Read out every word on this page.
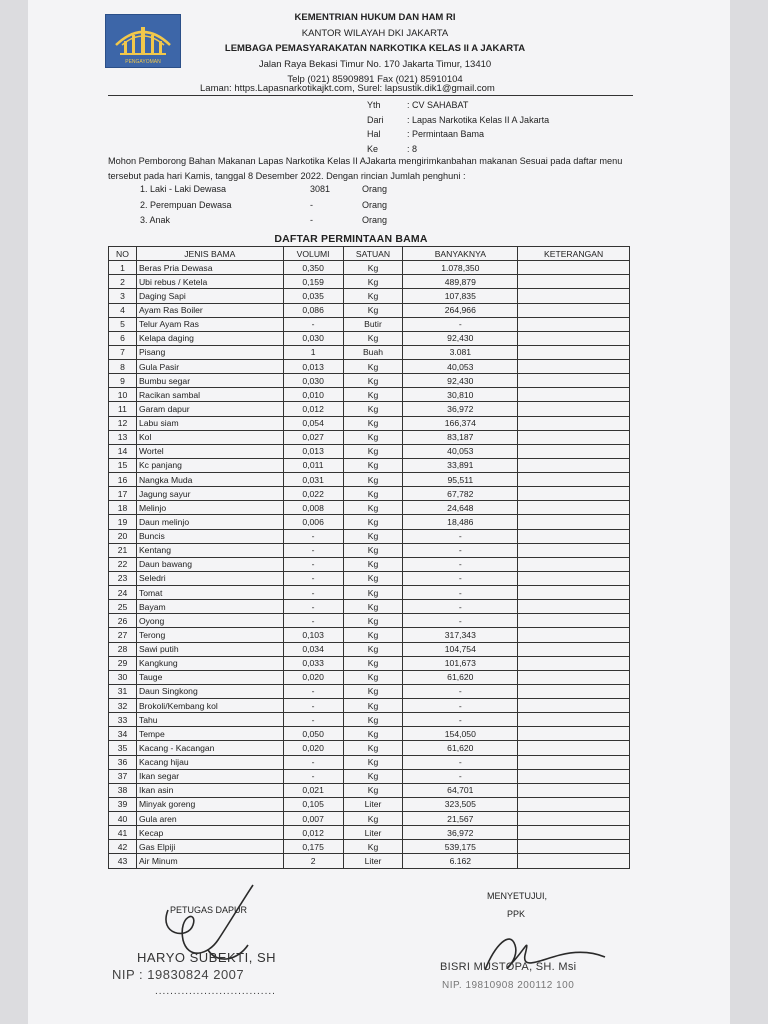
PENGAYOMAN
KEMENTRIAN HUKUM DAN HAM RI
KANTOR WILAYAH DKI JAKARTA
LEMBAGA PEMASYARAKATAN NARKOTIKA KELAS II A JAKARTA
Jalan Raya Bekasi Timur No. 170 Jakarta Timur, 13410
Telp (021) 85909891 Fax (021) 85910104
Laman: https.Lapasnarkotikajkt.com, Surel: lapsustik.dik1@gmail.com
Yth	: CV SAHABAT
Dari	: Lapas Narkotika Kelas II A Jakarta
Hal	: Permintaan Bama
Ke	: 8
Mohon Pemborong Bahan Makanan Lapas Narkotika Kelas II AJakarta mengirimkanbahan makanan Sesuai pada daftar menu tersebut pada hari Kamis, tanggal 8 Desember 2022. Dengan rincian Jumlah penghuni :
1. Laki - Laki Dewasa	3081	Orang
2. Perempuan Dewasa	-	Orang
3. Anak	-	Orang
DAFTAR PERMINTAAN BAMA
NO	JENIS BAMA	VOLUMI	SATUAN	BANYAKNYA	KETERANGAN
1	Beras Pria Dewasa	0,350	Kg	1.078,350	
2	Ubi rebus / Ketela	0,159	Kg	489,879	
3	Daging Sapi	0,035	Kg	107,835	
4	Ayam Ras Boiler	0,086	Kg	264,966	
5	Telur Ayam Ras	-	Butir	-	
6	Kelapa daging	0,030	Kg	92,430	
7	Pisang	1	Buah	3.081	
8	Gula Pasir	0,013	Kg	40,053	
9	Bumbu segar	0,030	Kg	92,430	
10	Racikan sambal	0,010	Kg	30,810	
11	Garam dapur	0,012	Kg	36,972	
12	Labu siam	0,054	Kg	166,374	
13	Kol	0,027	Kg	83,187	
14	Wortel	0,013	Kg	40,053	
15	Kc panjang	0,011	Kg	33,891	
16	Nangka Muda	0,031	Kg	95,511	
17	Jagung sayur	0,022	Kg	67,782	
18	Melinjo	0,008	Kg	24,648	
19	Daun melinjo	0,006	Kg	18,486	
20	Buncis	-	Kg	-	
21	Kentang	-	Kg	-	
22	Daun bawang	-	Kg	-	
23	Seledri	-	Kg	-	
24	Tomat	-	Kg	-	
25	Bayam	-	Kg	-	
26	Oyong	-	Kg	-	
27	Terong	0,103	Kg	317,343	
28	Sawi putih	0,034	Kg	104,754	
29	Kangkung	0,033	Kg	101,673	
30	Tauge	0,020	Kg	61,620	
31	Daun Singkong	-	Kg	-	
32	Brokoli/Kembang kol	-	Kg	-	
33	Tahu	-	Kg	-	
34	Tempe	0,050	Kg	154,050	
35	Kacang - Kacangan	0,020	Kg	61,620	
36	Kacang hijau	-	Kg	-	
37	Ikan segar	-	Kg	-	
38	Ikan asin	0,021	Kg	64,701	
39	Minyak goreng	0,105	Liter	323,505	
40	Gula aren	0,007	Kg	21,567	
41	Kecap	0,012	Liter	36,972	
42	Gas Elpiji	0,175	Kg	539,175	
43	Air Minum	2	Liter	6.162	
PETUGAS DAPUR
HARYO SUBEKTI, SH
NIP : 19830824 2007
................................
MENYETUJUI,
PPK
BISRI MUSTOPA, SH. Msi
NIP. 19810908 200112 100
